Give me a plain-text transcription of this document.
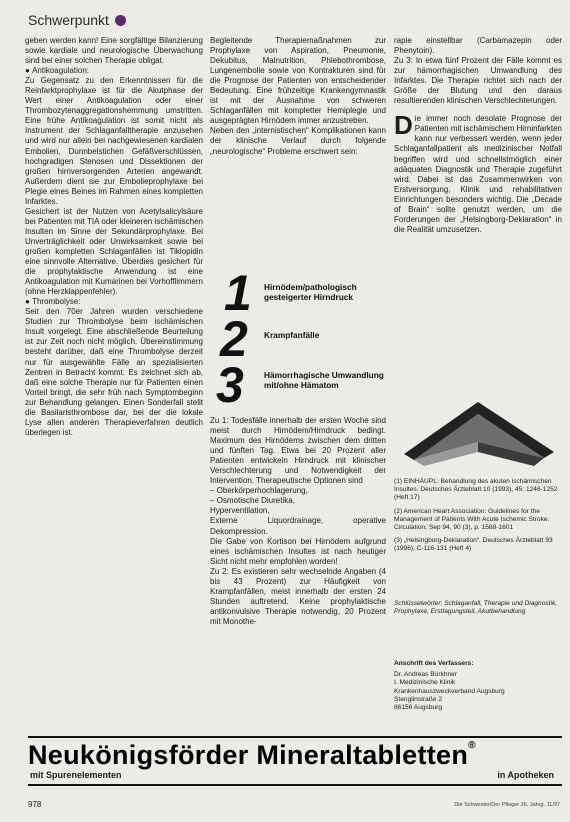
Schwerpunkt

geben werden kann! Eine sorgfältige Bilanzierung sowie kardiale und neurologische Überwachung sind bei einer solchen Therapie obligat.

● Antikoagulation:

Zu Gegensatz zu den Erkenntnissen für die Reinfarktprophylaxe ist für die Akutphase der Wert einer Antikoagulation oder einer Thrombozytenaggregationshemmung umstritten. Eine frühe Antikoagulation ist somit nicht als Instrument der Schlaganfalltherapie anzusehen und wird nur allein bei nachgewiesenen kardialen Embolien, Dunnbelstichen Gefäßverschlüssen, hochgradigen Stenosen und Dissektionen der großen hirnversorgenden Arterien angewandt. Außerdem dient sie zur Embolieprophylaxe bei Plegie eines Beines im Rahmen eines kompletten Infarktes.

Gesichert ist der Nutzen von Acetylsalicylsäure bei Patienten mit TIA oder kleineren ischämischen Insulten im Sinne der Sekundärprophylaxe. Bei Unverträglichkeit oder Unwirksamkeit sowie bei großen kompletten Schlaganfällen ist Tiklopidin eine sinnvolle Alternative. Überdies gesichert für die prophylaktische Anwendung ist eine Antikoagulation mit Kumarinen bei Vorhofflimmern (ohne Herzklappenfehler).

● Thrombolyse:

Seit den 70er Jahren wurden verschiedene Studien zur Thrombolyse beim ischämischen Insult vorgelegt. Eine abschließende Beurteilung ist zur Zeit noch nicht möglich. Übereinstimmung besteht darüber, daß eine Thrombolyse derzeit nur für ausgewählte Fälle an spezialisierten Zentren in Betracht kommt. Es zeichnet sich ab, daß eine solche Therapie nur für Patienten einen Vorteil bringt, die sehr früh nach Symptombeginn zur Behandlung gelangen. Einen Sonderfall stellt die Basilaristhrombose dar, bei der die lokale Lyse allen anderen Therapieverfahren deutlich überlegen ist.

Begleitende Therapiemaßnahmen zur Prophylaxe von Aspiration, Pneumonie, Dekubitus, Malnutrition, Phlebothrombose, Lungenembolie sowie von Kontrakturen sind für die Prognose der Patienten von entscheidender Bedeutung. Eine frühzeitige Krankengymnastik ist mit der Ausnahme von schweren Schlaganfällen mit kompletter Hemiplegie und ausgeprägten Hirnödem immer anzustreben.

Neben den „internistischen“ Komplikationen kann der klinische Verlauf durch folgende „neurologische“ Probleme erschwert sein:

1 Hirnödem/pathologisch gesteigerter Hirndruck
2 Krampfanfälle
3 Hämorrhagische Umwandlung mit/ohne Hämatom

Zu 1: Todesfälle innerhalb der ersten Woche sind meist durch Hirnödem/Hirndruck bedingt. Maximum des Hirnödems zwischen dem dritten und fünften Tag. Etwa bei 20 Prozent aller Patienten entwickeln Hirndruck mit klinischer Verschlechterung und Notwendigkeit der Intervention. Therapeutische Optionen sind

– Oberkörperhochlagerung,

– Osmotische Diuretika,

Hyperventilation,

Externe Liquordrainage, operative Dekompression.

Die Gabe von Kortison bei Hirnödem aufgrund eines ischämischen Insultes ist nach heutiger Sicht nicht mehr empfohlen worden!

Zu 2: Es existieren sehr wechselnde Angaben (4 bis 43 Prozent) zur Häufigkeit von Krampfanfällen, meist innerhalb der ersten 24 Stunden auftretend. Keine prophylaktische antikonvulsive Therapie notwendig, 20 Prozent mit Monothe-

rapie einstellbar (Carbamazepin oder Phenytoin).

Zu 3: In etwa fünf Prozent der Fälle kommt es zur hämorrhagischen Umwandlung des Infarktes. Die Therapie richtet sich nach der Größe der Blutung und den daraus resultierenden klinischen Verschlechterungen.

Die immer noch desolate Prognose der Patienten mit ischämischem Hirninfarkten kann nur verbessert werden, wenn jeder Schlaganfallpatient als medizinischer Notfall begriffen wird und schnellstmöglich einer adäquaten Diagnostik und Therapie zugeführt wird. Dabei ist das Zusammenwirken von Erstversorgung, Klinik und rehabilitativen Einrichtungen besonders wichtig. Die „Decade of Brain“ sollte genutzt werden, um die Forderungen der „Helsingborg-Deklaration“ in die Realität umzusetzen.

(1) EINHÄUPL: Behandlung des akuten ischämischen Insultes. Deutsches Ärzteblatt 10 (1993), 45: 1246-1252 (Heft 17)

(2) American Heart Association: Guidelines for the Management of Patients With Acute Ischemic Stroke. Circulation, Sep 94, 90 (3), p. 1588-1601

(3) „Helsingborg-Deklaration“. Deutsches Ärzteblatt 93 (1996), C-116-131 (Heft 4)

Schlüsselwörter: Schlaganfall, Therapie und Diagnostik, Prophylaxe, Ersttagungsteil, Akutbehandlung
Anschrift des Verfassers:
Dr. Andreas Bürkhner
I. Medizinische Klinik
Krankenhauszweckverband Augsburg
Stenglinstraße 2
86156 Augsburg
Neukönigsförder Mineraltabletten®
mit Spurenelementen	in Apotheken
978	Die Schwester/Der Pfleger 36. Jahrg. 11/97
